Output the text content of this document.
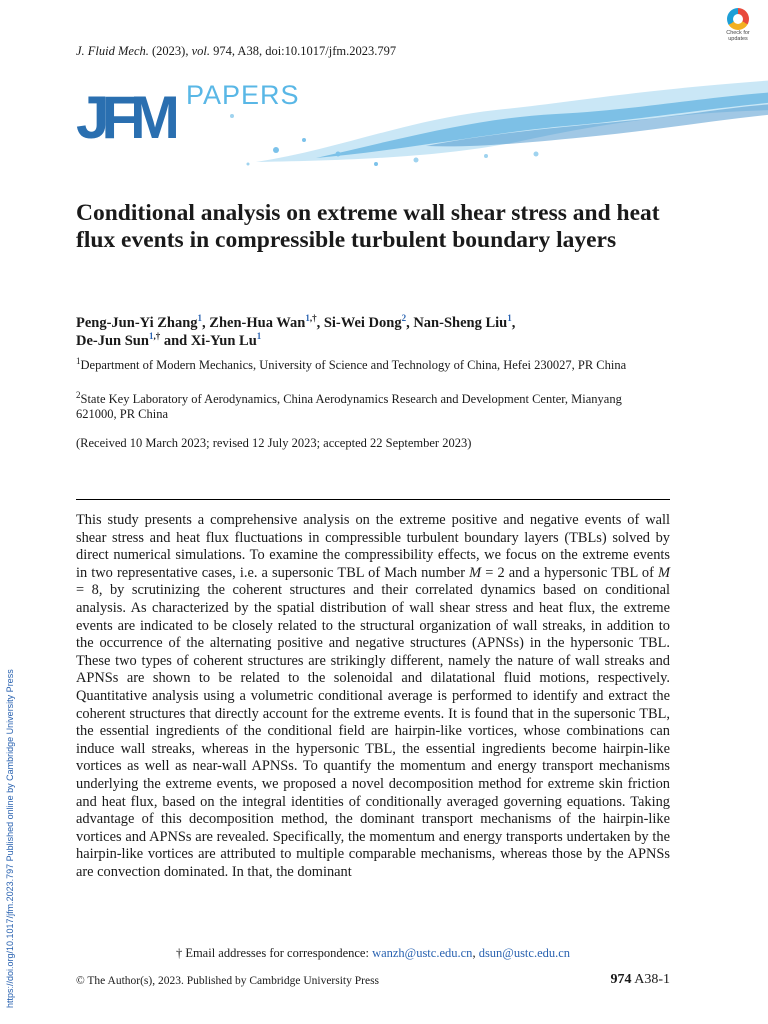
J. Fluid Mech. (2023), vol. 974, A38, doi:10.1017/jfm.2023.797
Check for
updates
JFM PAPERS
Conditional analysis on extreme wall shear stress and heat flux events in compressible turbulent boundary layers
Peng-Jun-Yi Zhang$^1$, Zhen-Hua Wan$^{1,\dagger}$, Si-Wei Dong$^2$, Nan-Sheng Liu$^1$,
De-Jun Sun$^{1,\dagger}$ and Xi-Yun Lu$^1$
$^1$Department of Modern Mechanics, University of Science and Technology of China, Hefei 230027, PR China
$^2$State Key Laboratory of Aerodynamics, China Aerodynamics Research and Development Center, Mianyang 621000, PR China
(Received 10 March 2023; revised 12 July 2023; accepted 22 September 2023)
This study presents a comprehensive analysis on the extreme positive and negative events of wall shear stress and heat flux fluctuations in compressible turbulent boundary layers (TBLs) solved by direct numerical simulations. To examine the compressibility effects, we focus on the extreme events in two representative cases, i.e. a supersonic TBL of Mach number M = 2 and a hypersonic TBL of M = 8, by scrutinizing the coherent structures and their correlated dynamics based on conditional analysis. As characterized by the spatial distribution of wall shear stress and heat flux, the extreme events are indicated to be closely related to the structural organization of wall streaks, in addition to the occurrence of the alternating positive and negative structures (APNSs) in the hypersonic TBL. These two types of coherent structures are strikingly different, namely the nature of wall streaks and APNSs are shown to be related to the solenoidal and dilatational fluid motions, respectively. Quantitative analysis using a volumetric conditional average is performed to identify and extract the coherent structures that directly account for the extreme events. It is found that in the supersonic TBL, the essential ingredients of the conditional field are hairpin-like vortices, whose combinations can induce wall streaks, whereas in the hypersonic TBL, the essential ingredients become hairpin-like vortices as well as near-wall APNSs. To quantify the momentum and energy transport mechanisms underlying the extreme events, we proposed a novel decomposition method for extreme skin friction and heat flux, based on the integral identities of conditionally averaged governing equations. Taking advantage of this decomposition method, the dominant transport mechanisms of the hairpin-like vortices and APNSs are revealed. Specifically, the momentum and energy transports undertaken by the hairpin-like vortices are attributed to multiple comparable mechanisms, whereas those by the APNSs are convection dominated. In that, the dominant
† Email addresses for correspondence: wanzh@ustc.edu.cn, dsun@ustc.edu.cn
© The Author(s), 2023. Published by Cambridge University Press	974 A38-1
https://doi.org/10.1017/jfm.2023.797 Published online by Cambridge University Press
